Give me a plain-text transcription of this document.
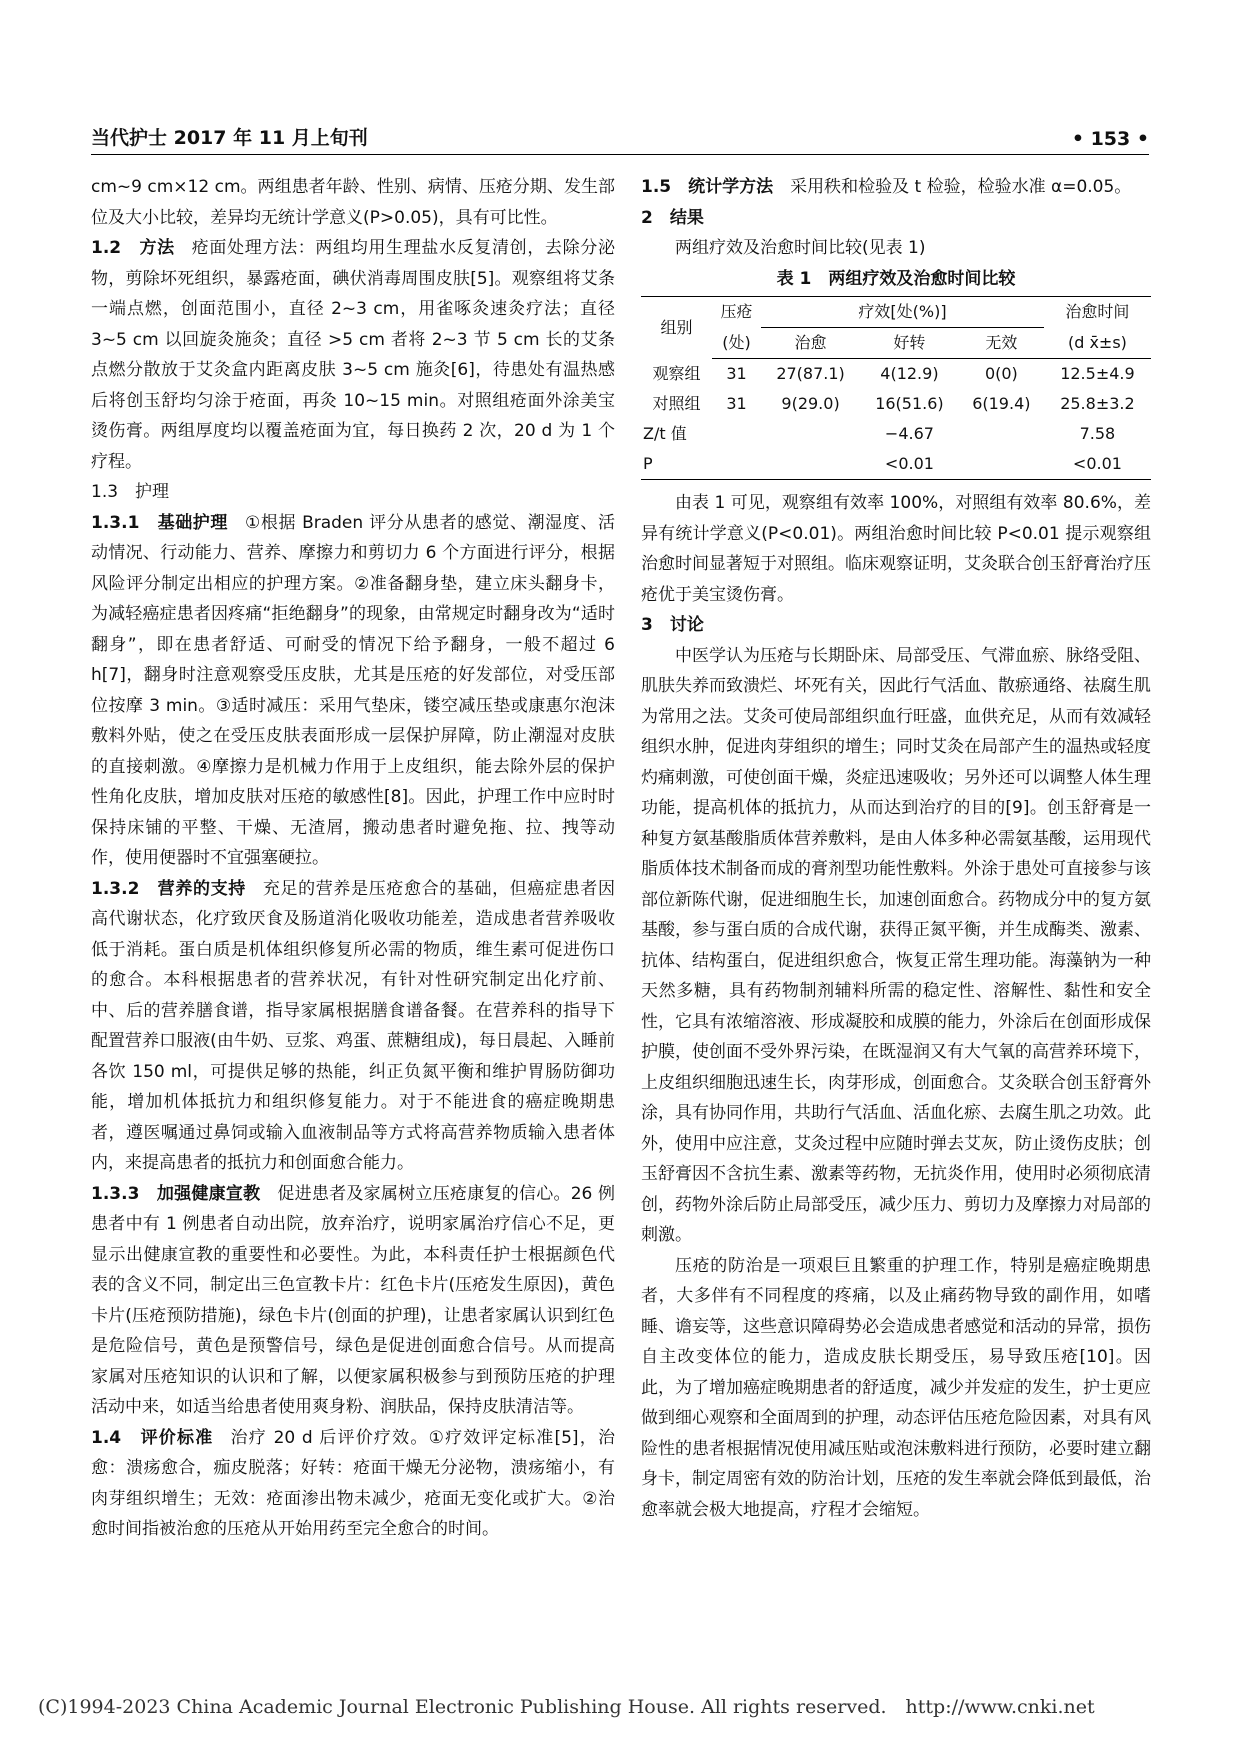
当代护士 2017 年 11 月上旬刊	• 153 •

cm~9 cm×12 cm。两组患者年龄、性别、病情、压疮分期、发生部位及大小比较，差异均无统计学意义(P>0.05)，具有可比性。

1.2　方法 疮面处理方法：两组均用生理盐水反复清创，去除分泌物，剪除坏死组织，暴露疮面，碘伏消毒周围皮肤[5]。观察组将艾条一端点燃，创面范围小，直径 2~3 cm，用雀啄灸速灸疗法；直径 3~5 cm 以回旋灸施灸；直径 >5 cm 者将 2~3 节 5 cm 长的艾条点燃分散放于艾灸盒内距离皮肤 3~5 cm 施灸[6]，待患处有温热感后将创玉舒均匀涂于疮面，再灸 10~15 min。对照组疮面外涂美宝烫伤膏。两组厚度均以覆盖疮面为宜，每日换药 2 次，20 d 为 1 个疗程。

1.3　护理

1.3.1　基础护理 ①根据 Braden 评分从患者的感觉、潮湿度、活动情况、行动能力、营养、摩擦力和剪切力 6 个方面进行评分，根据风险评分制定出相应的护理方案。②准备翻身垫，建立床头翻身卡，为减轻癌症患者因疼痛“拒绝翻身”的现象，由常规定时翻身改为“适时翻身”，即在患者舒适、可耐受的情况下给予翻身，一般不超过 6 h[7]，翻身时注意观察受压皮肤，尤其是压疮的好发部位，对受压部位按摩 3 min。③适时减压：采用气垫床，镂空减压垫或康惠尔泡沫敷料外贴，使之在受压皮肤表面形成一层保护屏障，防止潮湿对皮肤的直接刺激。④摩擦力是机械力作用于上皮组织，能去除外层的保护性角化皮肤，增加皮肤对压疮的敏感性[8]。因此，护理工作中应时时保持床铺的平整、干燥、无渣屑，搬动患者时避免拖、拉、拽等动作，使用便器时不宜强塞硬拉。

1.3.2　营养的支持 充足的营养是压疮愈合的基础，但癌症患者因高代谢状态，化疗致厌食及肠道消化吸收功能差，造成患者营养吸收低于消耗。蛋白质是机体组织修复所必需的物质，维生素可促进伤口的愈合。本科根据患者的营养状况，有针对性研究制定出化疗前、中、后的营养膳食谱，指导家属根据膳食谱备餐。在营养科的指导下配置营养口服液(由牛奶、豆浆、鸡蛋、蔗糖组成)，每日晨起、入睡前各饮 150 ml，可提供足够的热能，纠正负氮平衡和维护胃肠防御功能，增加机体抵抗力和组织修复能力。对于不能进食的癌症晚期患者，遵医嘱通过鼻饲或输入血液制品等方式将高营养物质输入患者体内，来提高患者的抵抗力和创面愈合能力。

1.3.3　加强健康宣教 促进患者及家属树立压疮康复的信心。26 例患者中有 1 例患者自动出院，放弃治疗，说明家属治疗信心不足，更显示出健康宣教的重要性和必要性。为此，本科责任护士根据颜色代表的含义不同，制定出三色宣教卡片：红色卡片(压疮发生原因)，黄色卡片(压疮预防措施)，绿色卡片(创面的护理)，让患者家属认识到红色是危险信号，黄色是预警信号，绿色是促进创面愈合信号。从而提高家属对压疮知识的认识和了解，以便家属积极参与到预防压疮的护理活动中来，如适当给患者使用爽身粉、润肤品，保持皮肤清洁等。

1.4　评价标准 治疗 20 d 后评价疗效。①疗效评定标准[5]，治愈：溃疡愈合，痂皮脱落；好转：疮面干燥无分泌物，溃疡缩小，有肉芽组织增生；无效：疮面渗出物未减少，疮面无变化或扩大。②治愈时间指被治愈的压疮从开始用药至完全愈合的时间。

1.5　统计学方法 采用秩和检验及 t 检验，检验水准 α=0.05。

2　结果

两组疗效及治愈时间比较(见表 1)

表 1　两组疗效及治愈时间比较

组别	压疮	疗效[处(%)]			治愈时间
	(处)	治愈	好转	无效	(d x̄±s)
观察组	31	27(87.1)	4(12.9)	0(0)	12.5±4.9
对照组	31	9(29.0)	16(51.6)	6(19.4)	25.8±3.2
Z/t 值			−4.67		7.58
P			<0.01		<0.01

由表 1 可见，观察组有效率 100%，对照组有效率 80.6%，差异有统计学意义(P<0.01)。两组治愈时间比较 P<0.01 提示观察组治愈时间显著短于对照组。临床观察证明，艾灸联合创玉舒膏治疗压疮优于美宝烫伤膏。

3　讨论

中医学认为压疮与长期卧床、局部受压、气滞血瘀、脉络受阻、肌肤失养而致溃烂、坏死有关，因此行气活血、散瘀通络、祛腐生肌为常用之法。艾灸可使局部组织血行旺盛，血供充足，从而有效减轻组织水肿，促进肉芽组织的增生；同时艾灸在局部产生的温热或轻度灼痛刺激，可使创面干燥，炎症迅速吸收；另外还可以调整人体生理功能，提高机体的抵抗力，从而达到治疗的目的[9]。创玉舒膏是一种复方氨基酸脂质体营养敷料，是由人体多种必需氨基酸，运用现代脂质体技术制备而成的膏剂型功能性敷料。外涂于患处可直接参与该部位新陈代谢，促进细胞生长，加速创面愈合。药物成分中的复方氨基酸，参与蛋白质的合成代谢，获得正氮平衡，并生成酶类、激素、抗体、结构蛋白，促进组织愈合，恢复正常生理功能。海藻钠为一种天然多糖，具有药物制剂辅料所需的稳定性、溶解性、黏性和安全性，它具有浓缩溶液、形成凝胶和成膜的能力，外涂后在创面形成保护膜，使创面不受外界污染，在既湿润又有大气氧的高营养环境下，上皮组织细胞迅速生长，肉芽形成，创面愈合。艾灸联合创玉舒膏外涂，具有协同作用，共助行气活血、活血化瘀、去腐生肌之功效。此外，使用中应注意，艾灸过程中应随时弹去艾灰，防止烫伤皮肤；创玉舒膏因不含抗生素、激素等药物，无抗炎作用，使用时必须彻底清创，药物外涂后防止局部受压，减少压力、剪切力及摩擦力对局部的刺激。

压疮的防治是一项艰巨且繁重的护理工作，特别是癌症晚期患者，大多伴有不同程度的疼痛，以及止痛药物导致的副作用，如嗜睡、谵妄等，这些意识障碍势必会造成患者感觉和活动的异常，损伤自主改变体位的能力，造成皮肤长期受压，易导致压疮[10]。因此，为了增加癌症晚期患者的舒适度，减少并发症的发生，护士更应做到细心观察和全面周到的护理，动态评估压疮危险因素，对具有风险性的患者根据情况使用减压贴或泡沫敷料进行预防，必要时建立翻身卡，制定周密有效的防治计划，压疮的发生率就会降低到最低，治愈率就会极大地提高，疗程才会缩短。

(C)1994-2023 China Academic Journal Electronic Publishing House. All rights reserved.　http://www.cnki.net
